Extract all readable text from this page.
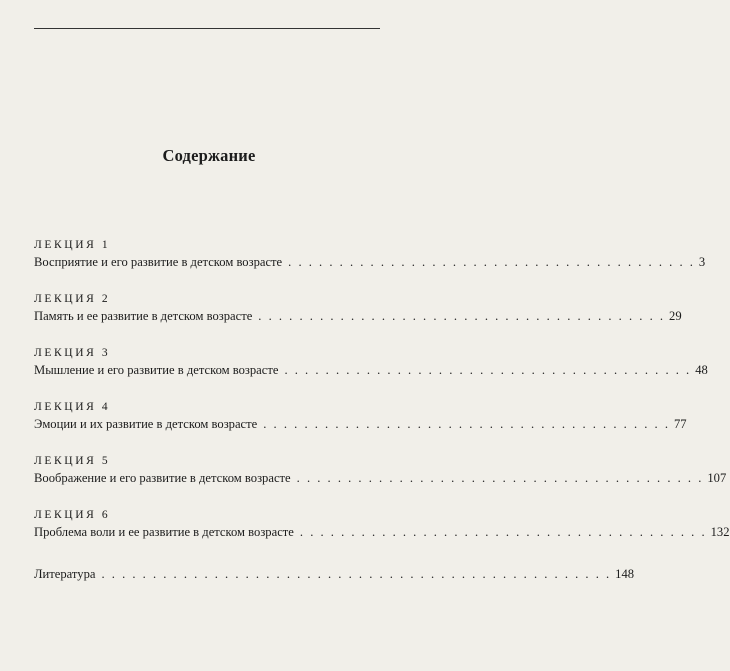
Содержание
ЛЕКЦИЯ 1
Восприятие и его развитие в детском возрасте . . . . . . . . . . . . . . . . . . . . . . . . . . . . . . . . . . . . . . . . 3
ЛЕКЦИЯ 2
Память и ее развитие в детском возрасте . . . . . . . . . . . . . . . . . . . . . . . . . . . . . . . . . . . . . . . . 29
ЛЕКЦИЯ 3
Мышление и его развитие в детском возрасте . . . . . . . . . . . . . . . . . . . . . . . . . . . . . . . . . . . . . . . . 48
ЛЕКЦИЯ 4
Эмоции и их развитие в детском возрасте . . . . . . . . . . . . . . . . . . . . . . . . . . . . . . . . . . . . . . . . 77
ЛЕКЦИЯ 5
Воображение и его развитие в детском возрасте . . . . . . . . . . . . . . . . . . . . . . . . . . . . . . . . . . . . . . . . 107
ЛЕКЦИЯ 6
Проблема воли и ее развитие в детском возрасте . . . . . . . . . . . . . . . . . . . . . . . . . . . . . . . . . . . . . . . . 132
Литература . . . . . . . . . . . . . . . . . . . . . . . . . . . . . . . . . . . . . . . . . . . . . . . . . . 148
